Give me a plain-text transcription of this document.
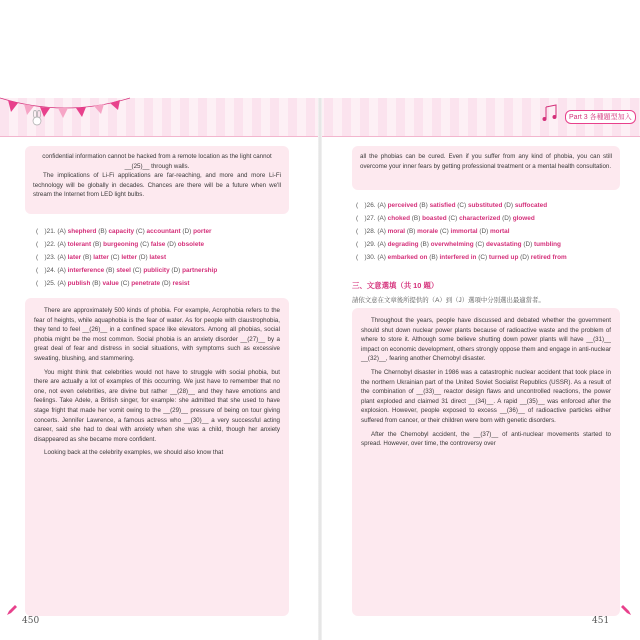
Part 3 各種題型加入

confidential information cannot be hacked from a remote location as the light cannot __(25)__ through walls.

The implications of Li-Fi applications are far-reaching, and more and more Li-Fi technology will be globally in decades. Chances are there will be a future when we'll stream the Internet from LED light bulbs.

(　)21. (A) shepherd (B) capacity (C) accountant (D) porter
(　)22. (A) tolerant (B) burgeoning (C) false (D) obsolete
(　)23. (A) later (B) latter (C) letter (D) latest
(　)24. (A) interference (B) steel (C) publicity (D) partnership
(　)25. (A) publish (B) value (C) penetrate (D) resist

There are approximately 500 kinds of phobia. For example, Acrophobia refers to the fear of heights, while aquaphobia is the fear of water. As for people with claustrophobia, they tend to feel __(26)__ in a confined space like elevators. Among all phobias, social phobia might be the most common. Social phobia is an anxiety disorder __(27)__ by a great deal of fear and distress in social situations, with symptoms such as excessive sweating, blushing, and stammering.

You might think that celebrities would not have to struggle with social phobia, but there are actually a lot of examples of this occurring. We just have to remember that no one, not even celebrities, are divine but rather __(28)__ and they have emotions and feelings. Take Adele, a British singer, for example: she admitted that she used to have stage fright that made her vomit owing to the __(29)__ pressure of being on tour giving concerts. Jennifer Lawrence, a famous actress who __(30)__ a very successful acting career, said she had to deal with anxiety when she was a child, though her anxiety disappeared as she became more confident.

Looking back at the celebrity examples, we should also know that

450

all the phobias can be cured. Even if you suffer from any kind of phobia, you can still overcome your inner fears by getting professional treatment or a mental health consultation.

(　)26. (A) perceived (B) satisfied (C) substituted (D) suffocated
(　)27. (A) choked (B) boasted (C) characterized (D) glowed
(　)28. (A) moral (B) morale (C) immortal (D) mortal
(　)29. (A) degrading (B) overwhelming (C) devastating (D) tumbling
(　)30. (A) embarked on (B) interfered in (C) turned up (D) retired from
三、文意選填（共 10 題）
請依文意在文章後所提供的（A）到（J）選項中分別選出最適當者。

Throughout the years, people have discussed and debated whether the government should shut down nuclear power plants because of radioactive waste and the problem of where to store it. Although some believe shutting down power plants will have __(31)__ impact on economic development, others strongly oppose them and engage in anti-nuclear __(32)__, fearing another Chernobyl disaster.

The Chernobyl disaster in 1986 was a catastrophic nuclear accident that took place in the northern Ukrainian part of the United Soviet Socialist Republics (USSR). As a result of the combination of __(33)__ reactor design flaws and uncontrolled reactions, the power plant exploded and claimed 31 direct __(34)__. A rapid __(35)__ was enforced after the explosion. However, people exposed to excess __(36)__ of radioactive particles either suffered from cancer, or their children were born with genetic disorders.

After the Chernobyl accident, the __(37)__ of anti-nuclear movements started to spread. However, over time, the controversy over

451
